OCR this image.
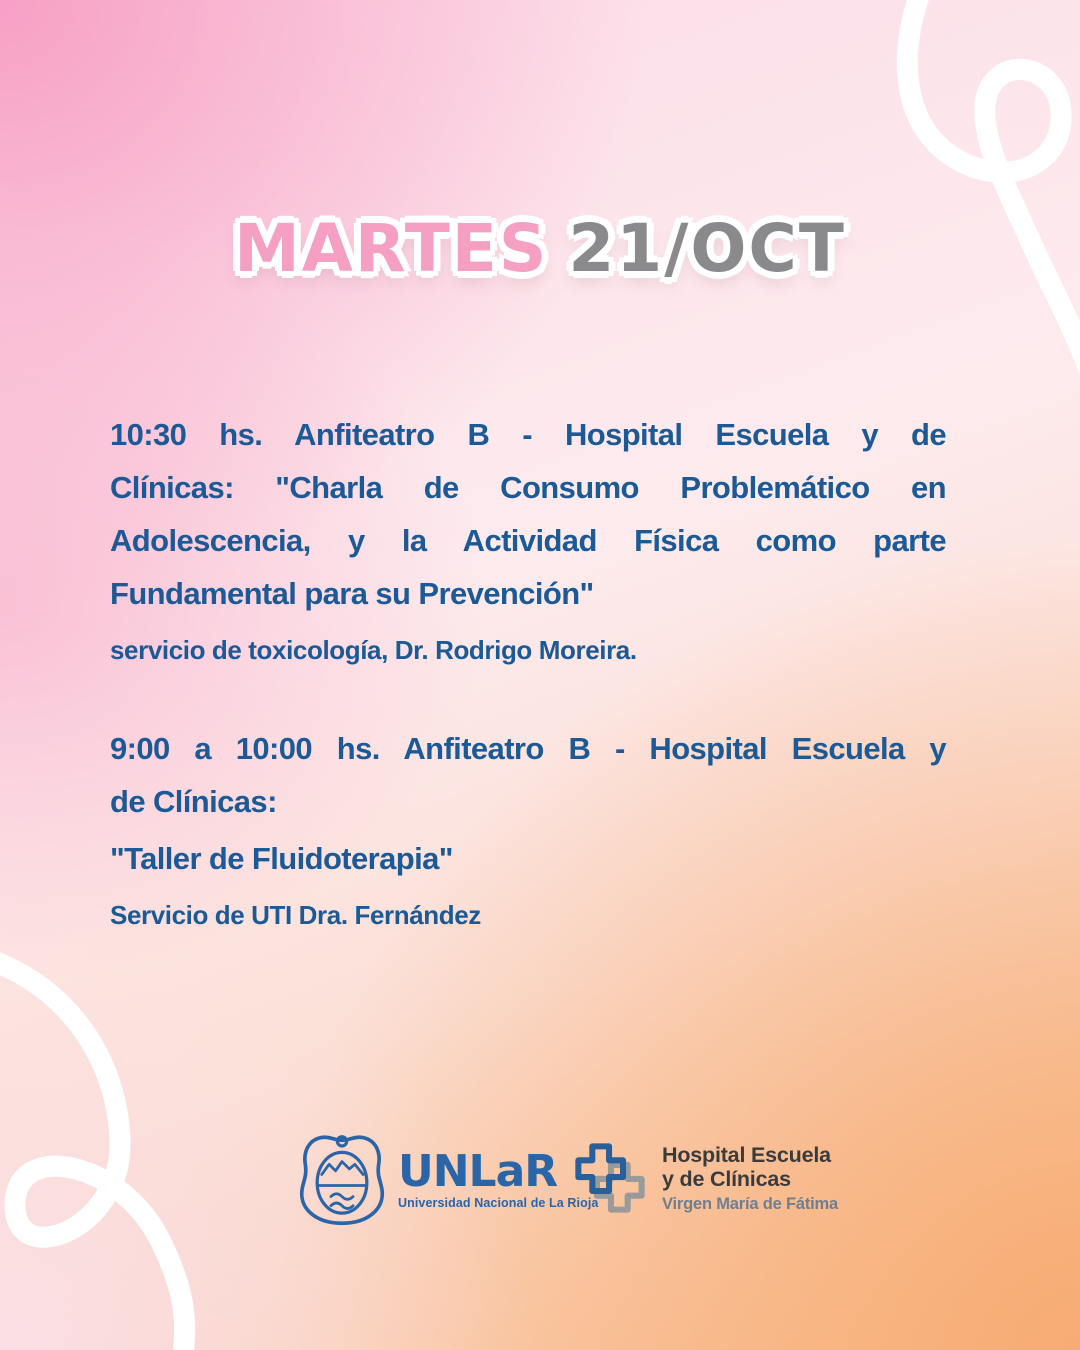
MARTES 21/OCT
10:30 hs. Anfiteatro B - Hospital Escuela y de
Clínicas: "Charla de Consumo Problemático en
Adolescencia, y la Actividad Física como parte
Fundamental para su Prevención"
servicio de toxicología, Dr. Rodrigo Moreira.
9:00 a 10:00 hs. Anfiteatro B - Hospital Escuela y
de Clínicas:
"Taller de Fluidoterapia"
Servicio de UTI Dra. Fernández
UNLaR
Universidad Nacional de La Rioja
Hospital Escuela
y de Clínicas
Virgen María de Fátima
